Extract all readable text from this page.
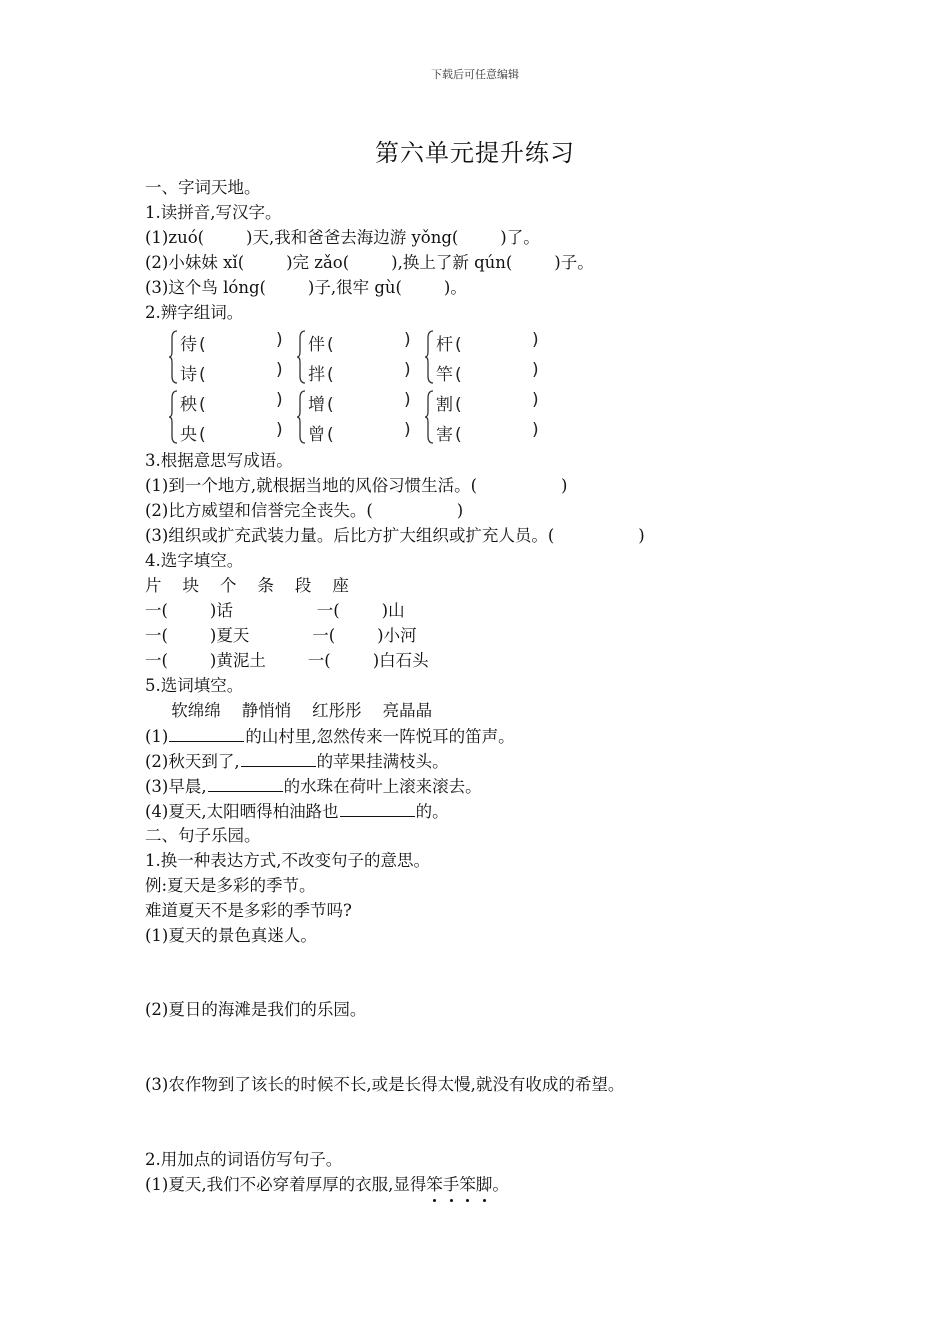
下载后可任意编辑
第六单元提升练习
一、字词天地。
1.读拼音,写汉字。
(1)zuó(        )天,我和爸爸去海边游 yǒng(        )了。
(2)小妹妹 xǐ(        )完 zǎo(        ),换上了新 qún(        )子。
(3)这个鸟 lóng(        )子,很牢 gù(        )。
2.辨字组词。
待 (	)
诗 (	)
伴 (	)
拌 (	)
杆 (	)
竿 (	)
秧 (	)
央 (	)
增 (	)
曾 (	)
割 (	)
害 (	)
3.根据意思写成语。
(1)到一个地方,就根据当地的风俗习惯生活。(                )
(2)比方威望和信誉完全丧失。(                )
(3)组织或扩充武装力量。后比方扩大组织或扩充人员。(                )
4.选字填空。
片    块    个    条    段    座
一(        )话                一(        )山
一(        )夏天            一(        )小河
一(        )黄泥土        一(        )白石头
5.选词填空。
软绵绵    静悄悄    红彤彤    亮晶晶
(1)	的山村里,忽然传来一阵悦耳的笛声。
(2)秋天到了,	的苹果挂满枝头。
(3)早晨,	的水珠在荷叶上滚来滚去。
(4)夏天,太阳晒得柏油路也	的。
二、句子乐园。
1.换一种表达方式,不改变句子的意思。
例:夏天是多彩的季节。
难道夏天不是多彩的季节吗?
(1)夏天的景色真迷人。
(2)夏日的海滩是我们的乐园。
(3)农作物到了该长的时候不长,或是长得太慢,就没有收成的希望。
2.用加点的词语仿写句子。
(1)夏天,我们不必穿着厚厚的衣服,显得笨手笨脚。
